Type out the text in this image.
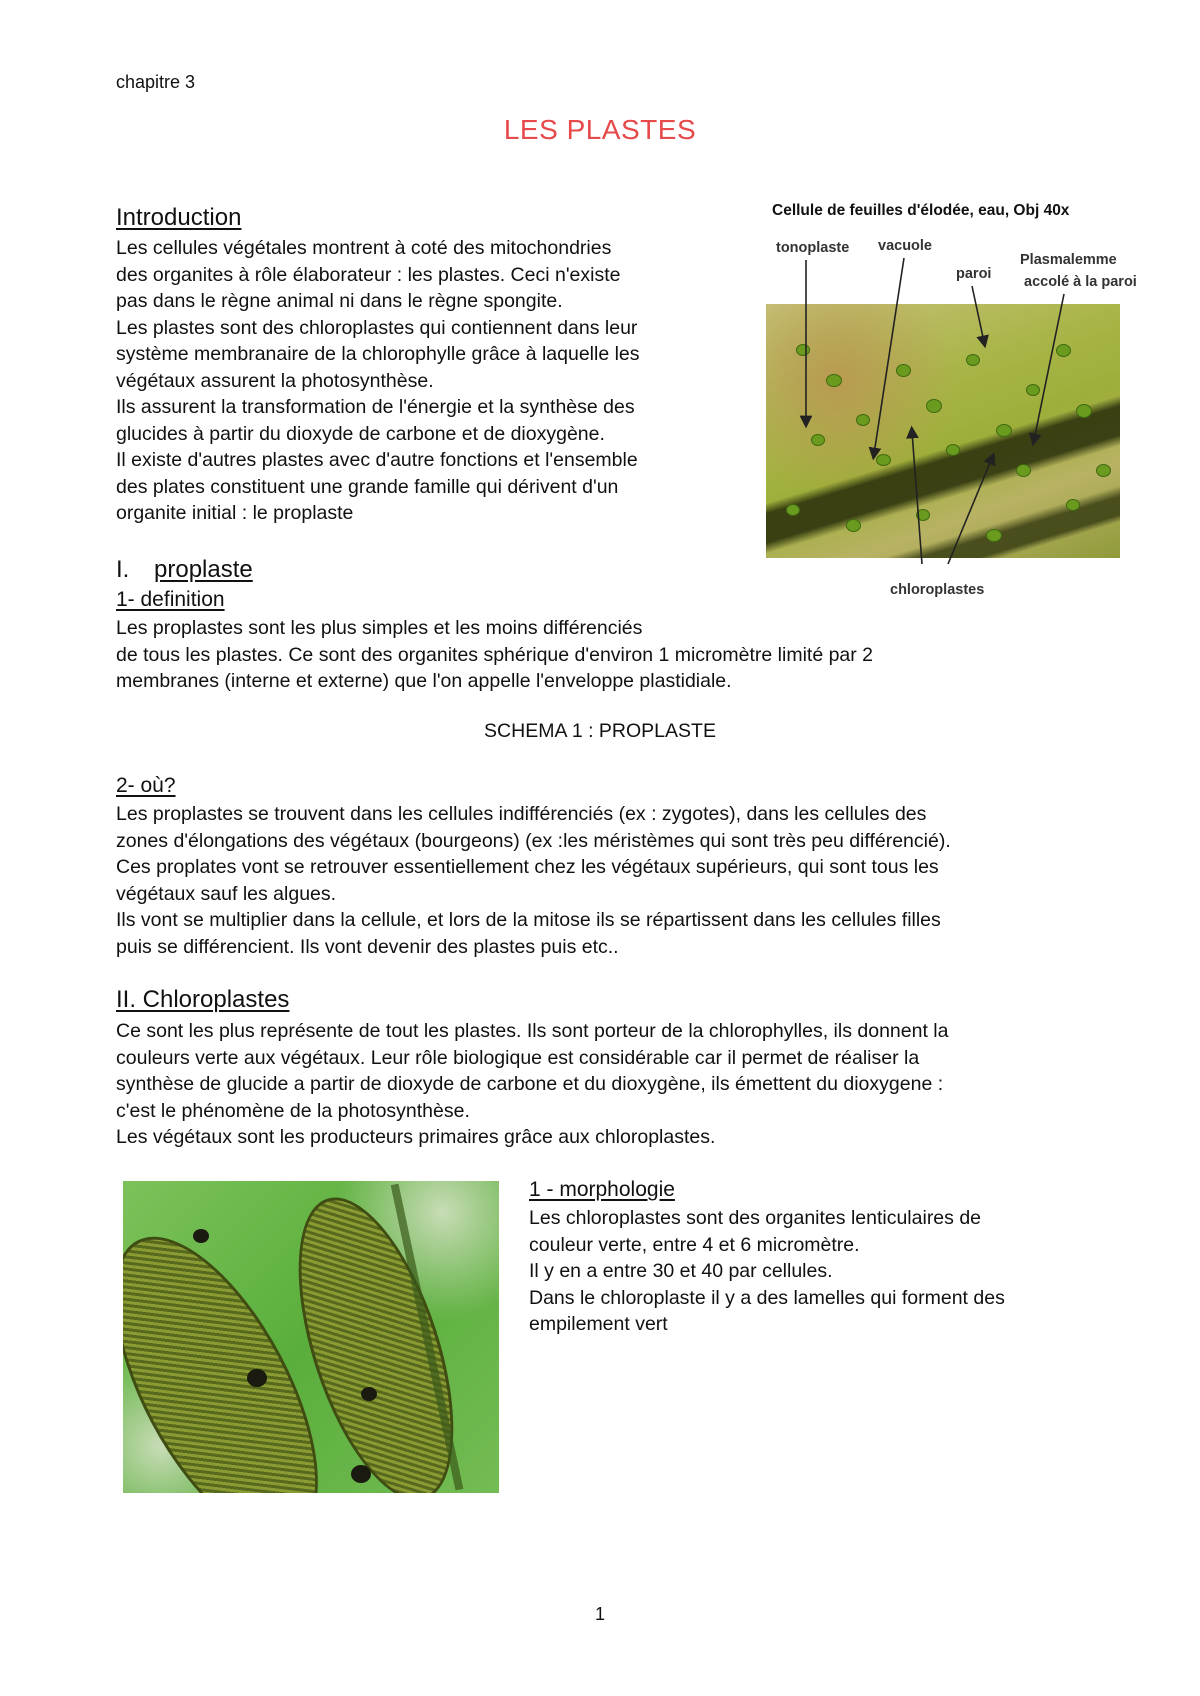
chapitre 3
LES PLASTES
Introduction

Les cellules végétales montrent à coté des mitochondries

des organites à rôle élaborateur : les plastes. Ceci n'existe

pas dans le règne animal ni dans le règne spongite.

Les plastes sont des chloroplastes qui contiennent dans leur

système membranaire de la chlorophylle grâce à laquelle les

végétaux assurent la photosynthèse.

Ils assurent la transformation de l'énergie et la synthèse des

glucides à partir du dioxyde de carbone et de dioxygène.

Il existe d'autres plastes avec d'autre fonctions et l'ensemble

des plates constituent une grande famille qui dérivent d'un

organite initial : le proplaste

Cellule de feuilles d'élodée, eau, Obj 40x
tonoplaste vacuole
paroi
Plasmalemme
accolé à la paroi
chloroplastes
I. proplaste
1- definition

Les proplastes sont les plus simples et les moins différenciés

de tous les plastes. Ce sont des organites sphérique d'environ 1 micromètre limité par 2

membranes (interne et externe) que l'on appelle l'enveloppe plastidiale.

SCHEMA 1 : PROPLASTE
2- où?

Les proplastes se trouvent dans les cellules indifférenciés (ex : zygotes), dans les cellules des

zones d'élongations des végétaux (bourgeons) (ex :les méristèmes qui sont très peu différencié).

Ces proplates vont se retrouver essentiellement chez les végétaux supérieurs, qui sont tous les

végétaux sauf les algues.

Ils vont se multiplier dans la cellule, et lors de la mitose ils se répartissent dans les cellules filles

puis se différencient. Ils vont devenir des plastes puis etc..

II. Chloroplastes

Ce sont les plus représente de tout les plastes. Ils sont porteur de la chlorophylles, ils donnent la

couleurs verte aux végétaux. Leur rôle biologique est considérable car il permet de réaliser la

synthèse de glucide a partir de dioxyde de carbone et du dioxygène, ils émettent du dioxygene :

c'est le phénomène de la photosynthèse.

Les végétaux sont les producteurs primaires grâce aux chloroplastes.

1 - morphologie

Les chloroplastes sont des organites lenticulaires de

couleur verte, entre 4 et 6 micromètre.

Il y en a entre 30 et 40 par cellules.

Dans le chloroplaste il y a des lamelles qui forment des

empilement vert

1
